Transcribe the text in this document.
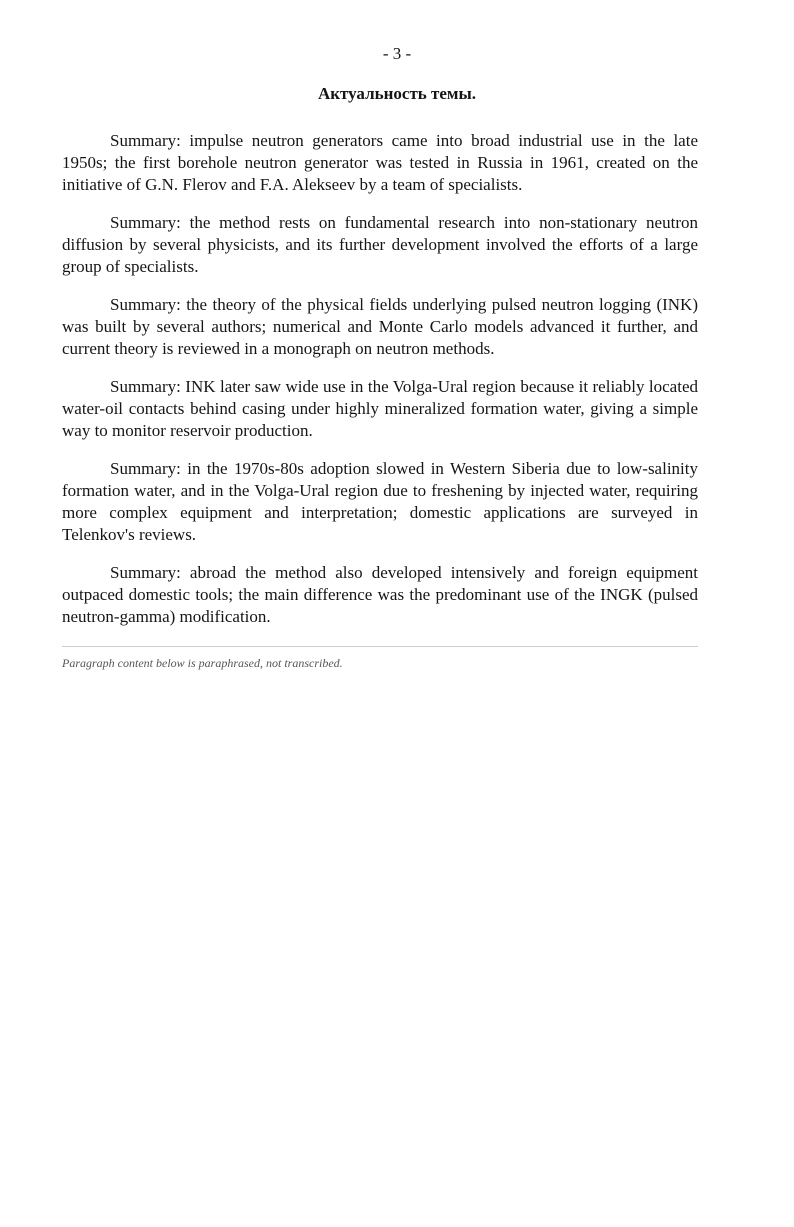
- 3 -
Актуальность темы.

Summary: impulse neutron generators came into broad industrial use in the late 1950s; the first borehole neutron generator was tested in Russia in 1961, created on the initiative of G.N. Flerov and F.A. Alekseev by a team of specialists.

Summary: the method rests on fundamental research into non-stationary neutron diffusion by several physicists, and its further development involved the efforts of a large group of specialists.

Summary: the theory of the physical fields underlying pulsed neutron logging (INK) was built by several authors; numerical and Monte Carlo models advanced it further, and current theory is reviewed in a monograph on neutron methods.

Summary: INK later saw wide use in the Volga-Ural region because it reliably located water-oil contacts behind casing under highly mineralized formation water, giving a simple way to monitor reservoir production.

Summary: in the 1970s-80s adoption slowed in Western Siberia due to low-salinity formation water, and in the Volga-Ural region due to freshening by injected water, requiring more complex equipment and interpretation; domestic applications are surveyed in Telenkov's reviews.

Summary: abroad the method also developed intensively and foreign equipment outpaced domestic tools; the main difference was the predominant use of the INGK (pulsed neutron-gamma) modification.

Paragraph content below is paraphrased, not transcribed.
